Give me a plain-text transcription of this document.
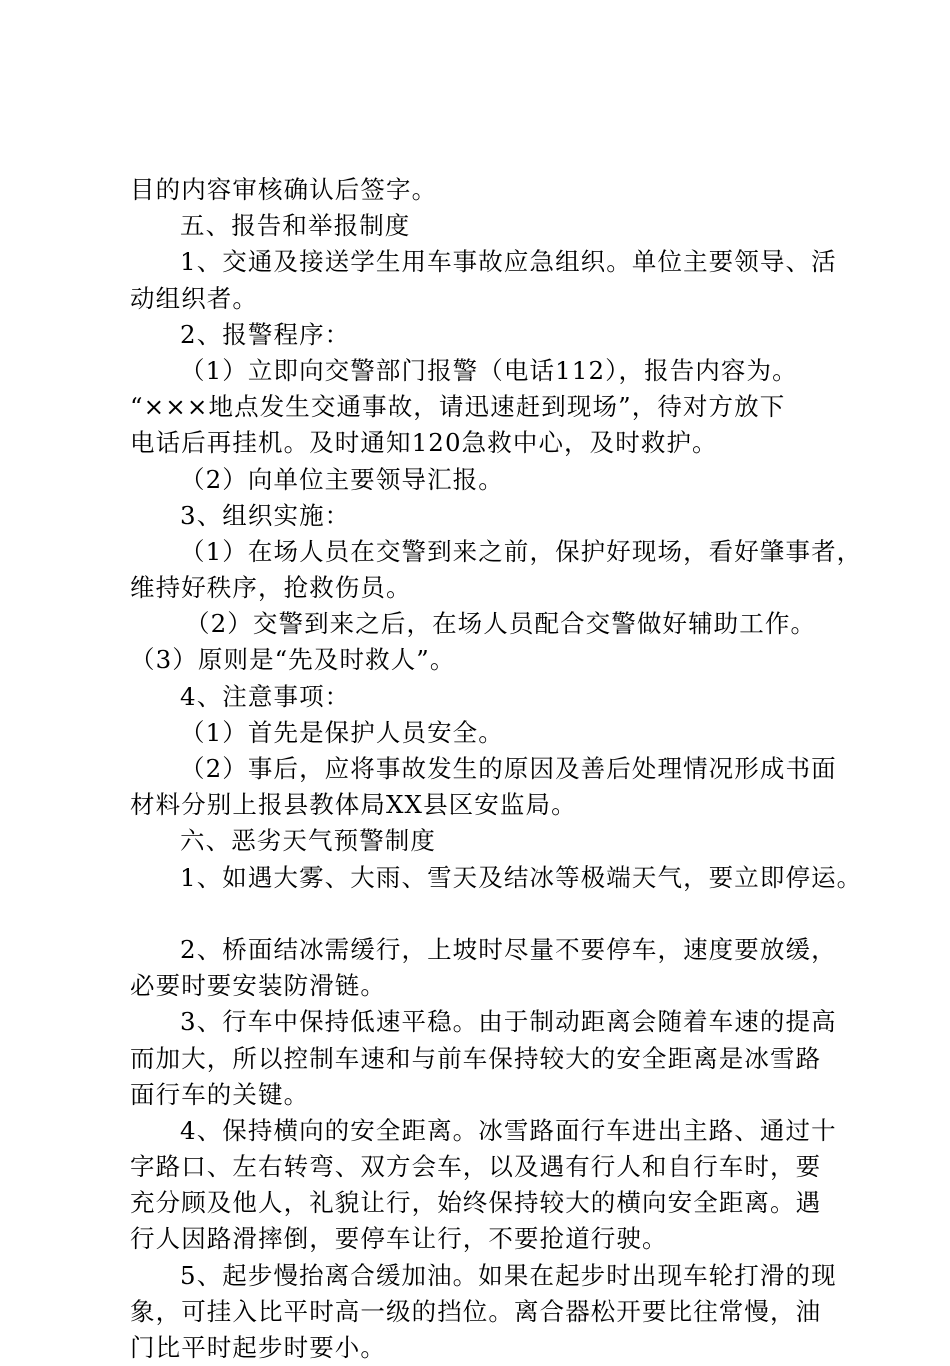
目的内容审核确认后签字。
五、报告和举报制度
1、交通及接送学生用车事故应急组织。单位主要领导、活
动组织者。
2、报警程序：
（1）立即向交警部门报警（电话112），报告内容为。
“×××地点发生交通事故，请迅速赶到现场”，待对方放下
电话后再挂机。及时通知120急救中心，及时救护。
（2）向单位主要领导汇报。
3、组织实施：
（1）在场人员在交警到来之前，保护好现场，看好肇事者，
维持好秩序，抢救伤员。
（2）交警到来之后，在场人员配合交警做好辅助工作。
（3）原则是“先及时救人”。
4、注意事项：
（1）首先是保护人员安全。
（2）事后，应将事故发生的原因及善后处理情况形成书面
材料分别上报县教体局XX县区安监局。
六、恶劣天气预警制度
1、如遇大雾、大雨、雪天及结冰等极端天气，要立即停运。
2、桥面结冰需缓行，上坡时尽量不要停车，速度要放缓，
必要时要安装防滑链。
3、行车中保持低速平稳。由于制动距离会随着车速的提高
而加大，所以控制车速和与前车保持较大的安全距离是冰雪路
面行车的关键。
4、保持横向的安全距离。冰雪路面行车进出主路、通过十
字路口、左右转弯、双方会车，以及遇有行人和自行车时，要
充分顾及他人，礼貌让行，始终保持较大的横向安全距离。遇
行人因路滑摔倒，要停车让行，不要抢道行驶。
5、起步慢抬离合缓加油。如果在起步时出现车轮打滑的现
象，可挂入比平时高一级的挡位。离合器松开要比往常慢，油
门比平时起步时要小。
